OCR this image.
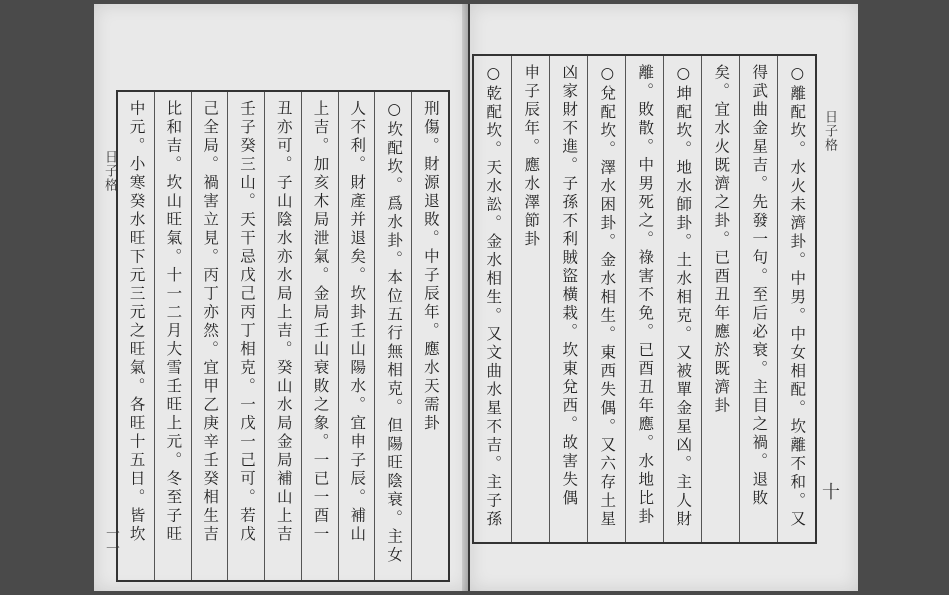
日子格
一一
刑傷。財源退敗。中子辰年。應水天需卦
○坎配坎。爲水卦。本位五行無相克。但陽旺陰衰。主女
人不利。財產并退矣。坎卦壬山陽水。宜申子辰。補山
上吉。加亥木局泄氣。金局壬山衰敗之象。一已一酉一
丑亦可。子山陰水亦水局上吉。癸山水局金局補山上吉
壬子癸三山。天干忌戊己丙丁相克。一戊一己可。若戊
己全局。禍害立見。丙丁亦然。宜甲乙庚辛壬癸相生吉
比和吉。坎山旺氣。十一二月大雪壬旺上元。冬至子旺
中元。小寒癸水旺下元三元之旺氣。各旺十五日。皆坎	日子格
十
○離配坎。水火未濟卦。中男。中女相配。坎離不和。又
得武曲金星吉。先發一句。至后必衰。主目之禍。退敗
矣。宜水火既濟之卦。已酉丑年應於既濟卦
○坤配坎。地水師卦。土水相克。又被單金星凶。主人財
離。敗散。中男死之。祿害不免。已酉丑年應。水地比卦
○兌配坎。澤水困卦。金水相生。東西失偶。又六存土星
凶家財不進。子孫不利賊盜橫栽。坎東兌西。故害失偶
申子辰年。應水澤節卦
○乾配坎。天水訟。金水相生。又文曲水星不吉。主子孫
